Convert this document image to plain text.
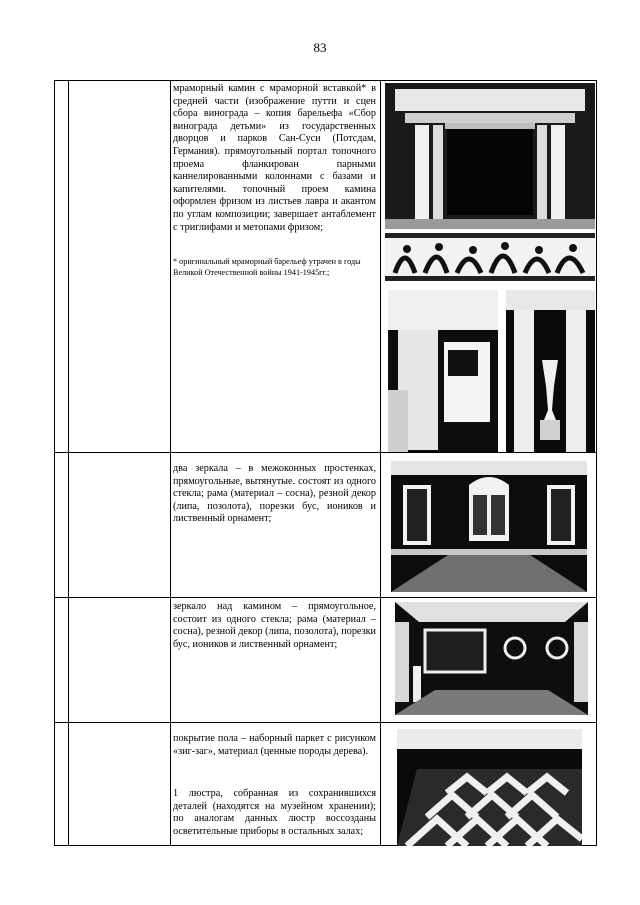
83
мраморный камин с мраморной вставкой* в средней части (изображение путти и сцен сбора винограда – копия барельефа «Сбор винограда детьми» из государственных дворцов и парков Сан-Суси (Потсдам, Германия). прямоугольный портал топочного проема фланкирован парными каннелированными колоннами с базами и капителями. топочный проем камина оформлен фризом из листьев лавра и акантом по углам композиции; завершает антаблемент с триглифами и метопами фризом;
* оригинальный мраморный барельеф утрачен в годы Великой Отечественной войны 1941-1945гг.;
два зеркала – в межоконных простенках, прямоугольные, вытянутые. состоят из одного стекла; рама (материал – сосна), резной декор (липа, позолота), порезки бус, иоников и лиственный орнамент;
зеркало над камином – прямоугольное, состоит из одного стекла; рама (материал – сосна), резной декор (липа, позолота), порезки бус, иоников и лиственный орнамент;
покрытие пола – наборный паркет с рисунком «зиг-заг», материал (ценные породы дерева).
1 люстра, собранная из сохранившихся деталей (находятся на музейном хранении); по аналогам данных люстр воссозданы осветительные приборы в остальных залах;
